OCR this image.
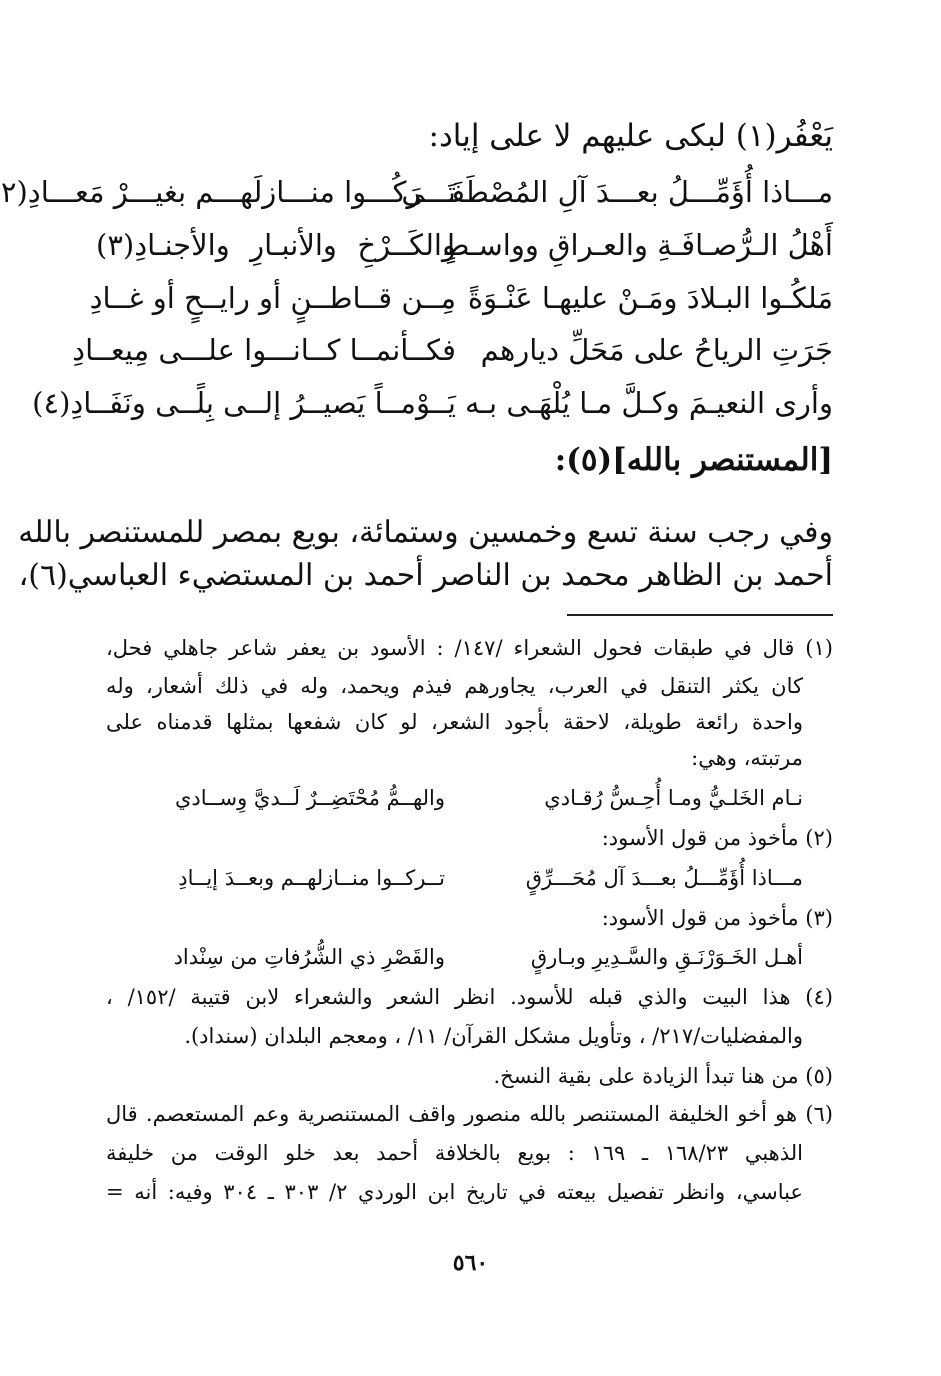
يَعْفُر(١) لبكى عليهم لا على إياد:
مـــاذا أُؤَمِّـــلُ بعـــدَ آلِ المُصْطَفَـــى
تَـــرَكُـــوا منـــازلَهـــم بغيـــرْ مَعـــادِ(٢
أَهْلُ الـرُّصـافَـةِ والعـراقِ وواسـطٍ
والكَــرْخِ والأنبـارِ والأجنـادِ(٣)
مَلكُـوا البـلادَ ومَـنْ عليهـا عَنْـوَةً
مِــن قــاطــنٍ أو رايــحٍ أو غــادِ
جَرَتِ الرياحُ على مَحَلِّ ديارهم
فكــأنمــا كــانـــوا علـــى مِيعــادِ
وأرى النعيـمَ وكـلَّ مـا يُلْهَـى بـه
يَــوْمــاً يَصيــرُ إلــى بِلًــى ونَفَــادِ(٤)
[المستنصر بالله](٥):
وفي رجب سنة تسع وخمسين وستمائة، بويع بمصر للمستنصر بالله
أحمد بن الظاهر محمد بن الناصر أحمد بن المستضيء العباسي(٦)،
(١) قال في طبقات فحول الشعراء /١٤٧/ : الأسود بن يعفر شاعر جاهلي فحل،
كان يكثر التنقل في العرب، يجاورهم فيذم ويحمد، وله في ذلك أشعار، وله
واحدة رائعة طويلة، لاحقة بأجود الشعر، لو كان شفعها بمثلها قدمناه على
مرتبته، وهي:
نـام الخَلـيُّ ومـا أُحِـسُّ رُقـادي
والهــمُّ مُحْتَضِــرٌ لَــديَّ وِســادي
(٢) مأخوذ من قول الأسود:
مـــاذا أُؤَمِّـــلُ بعـــدَ آل مُحَـــرِّقٍ
تــركــوا منــازلهــم وبعــدَ إيــادِ
(٣) مأخوذ من قول الأسود:
أهـل الخَـوَرْنَـقِ والسَّـدِيرِ وبـارقٍ
والقَصْرِ ذي الشُّرُفاتِ من سِنْداد
(٤) هذا البيت والذي قبله للأسود. انظر الشعر والشعراء لابن قتيبة /١٥٢/ ،
والمفضليات/٢١٧/ ، وتأويل مشكل القرآن/ ١١/ ، ومعجم البلدان (سنداد).
(٥) من هنا تبدأ الزيادة على بقية النسخ.
(٦) هو أخو الخليفة المستنصر بالله منصور واقف المستنصرية وعم المستعصم. قال
الذهبي ١٦٨/٢٣ ـ ١٦٩ : بويع بالخلافة أحمد بعد خلو الوقت من خليفة
عباسي، وانظر تفصيل بيعته في تاريخ ابن الوردي ٢/ ٣٠٣ ـ ٣٠٤ وفيه: أنه =
٥٦٠
